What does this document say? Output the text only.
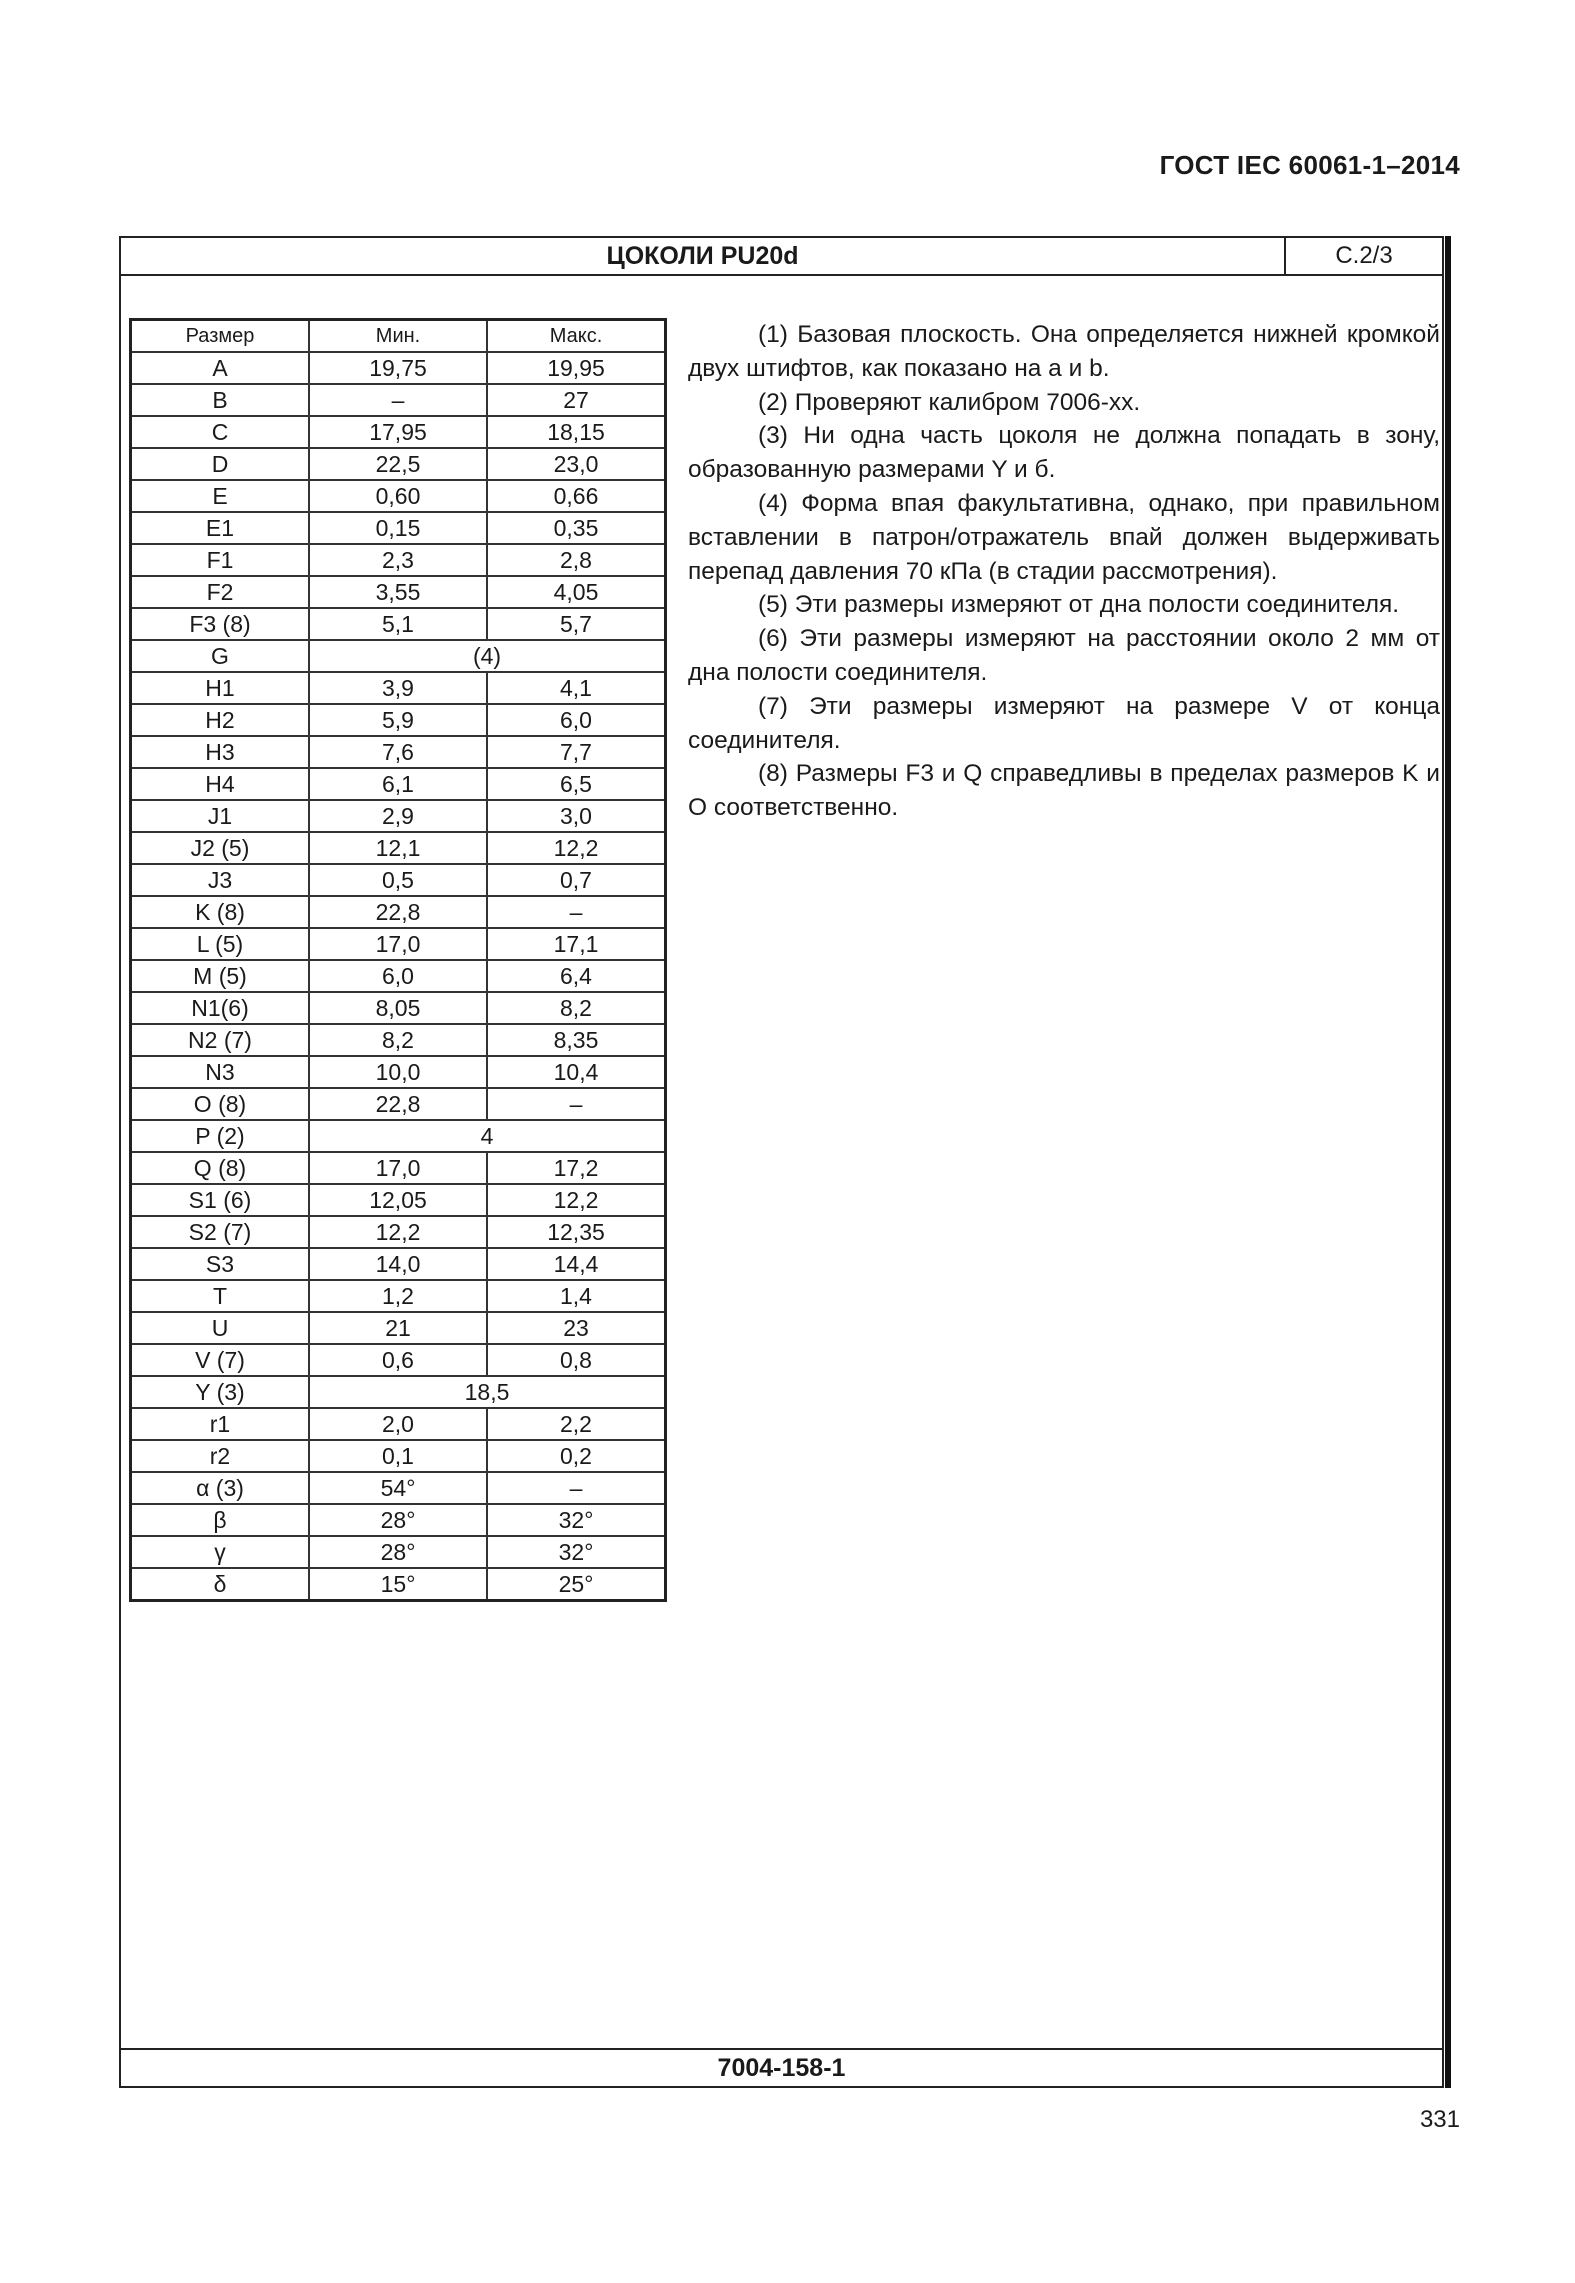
ГОСТ IEC 60061-1–2014
ЦОКОЛИ PU20d	С.2/3
Размер	Мин.	Макс.
A	19,75	19,95
B	–	27
C	17,95	18,15
D	22,5	23,0
E	0,60	0,66
E1	0,15	0,35
F1	2,3	2,8
F2	3,55	4,05
F3 (8)	5,1	5,7
G	(4)	
H1	3,9	4,1
H2	5,9	6,0
H3	7,6	7,7
H4	6,1	6,5
J1	2,9	3,0
J2 (5)	12,1	12,2
J3	0,5	0,7
K (8)	22,8	–
L (5)	17,0	17,1
M (5)	6,0	6,4
N1(6)	8,05	8,2
N2 (7)	8,2	8,35
N3	10,0	10,4
O (8)	22,8	–
P (2)	4	
Q (8)	17,0	17,2
S1 (6)	12,05	12,2
S2 (7)	12,2	12,35
S3	14,0	14,4
T	1,2	1,4
U	21	23
V (7)	0,6	0,8
Y (3)	18,5	
r1	2,0	2,2
r2	0,1	0,2
α (3)	54°	–
β	28°	32°
γ	28°	32°
δ	15°	25°

(1) Базовая плоскость. Она определяется нижней кромкой двух штифтов, как показано на a и b.

(2) Проверяют калибром 7006-xx.

(3) Ни одна часть цоколя не должна попадать в зону, образованную размерами Y и б.

(4) Форма впая факультативна, однако, при правильном вставлении в патрон/отражатель впай должен выдерживать перепад давления 70 кПа (в стадии рассмотрения).

(5) Эти размеры измеряют от дна полости соединителя.

(6) Эти размеры измеряют на расстоянии около 2 мм от дна полости соединителя.

(7) Эти размеры измеряют на размере V от конца соединителя.

(8) Размеры F3 и Q справедливы в пределах размеров K и O соответственно.

7004-158-1
331
